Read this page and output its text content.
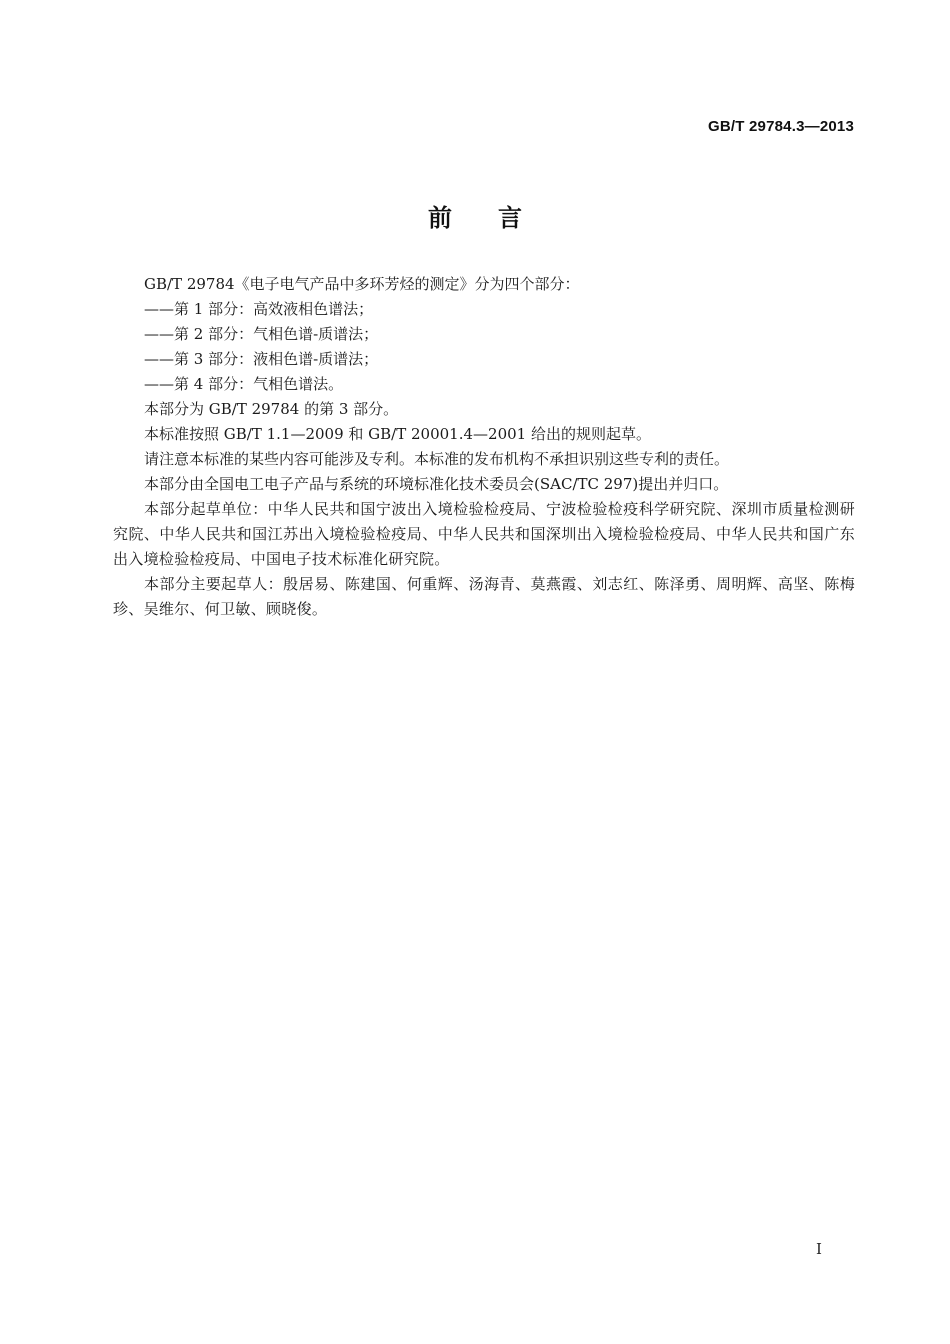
GB/T 29784.3—2013
前言

GB/T 29784《电子电气产品中多环芳烃的测定》分为四个部分：

——第 1 部分：高效液相色谱法；

——第 2 部分：气相色谱-质谱法；

——第 3 部分：液相色谱-质谱法；

——第 4 部分：气相色谱法。

本部分为 GB/T 29784 的第 3 部分。

本标准按照 GB/T 1.1—2009 和 GB/T 20001.4—2001 给出的规则起草。

请注意本标准的某些内容可能涉及专利。本标准的发布机构不承担识别这些专利的责任。

本部分由全国电工电子产品与系统的环境标准化技术委员会(SAC/TC 297)提出并归口。

本部分起草单位：中华人民共和国宁波出入境检验检疫局、宁波检验检疫科学研究院、深圳市质量检测研究院、中华人民共和国江苏出入境检验检疫局、中华人民共和国深圳出入境检验检疫局、中华人民共和国广东出入境检验检疫局、中国电子技术标准化研究院。

本部分主要起草人：殷居易、陈建国、何重辉、汤海青、莫燕霞、刘志红、陈泽勇、周明辉、高坚、陈梅珍、吴维尔、何卫敏、顾晓俊。

I
